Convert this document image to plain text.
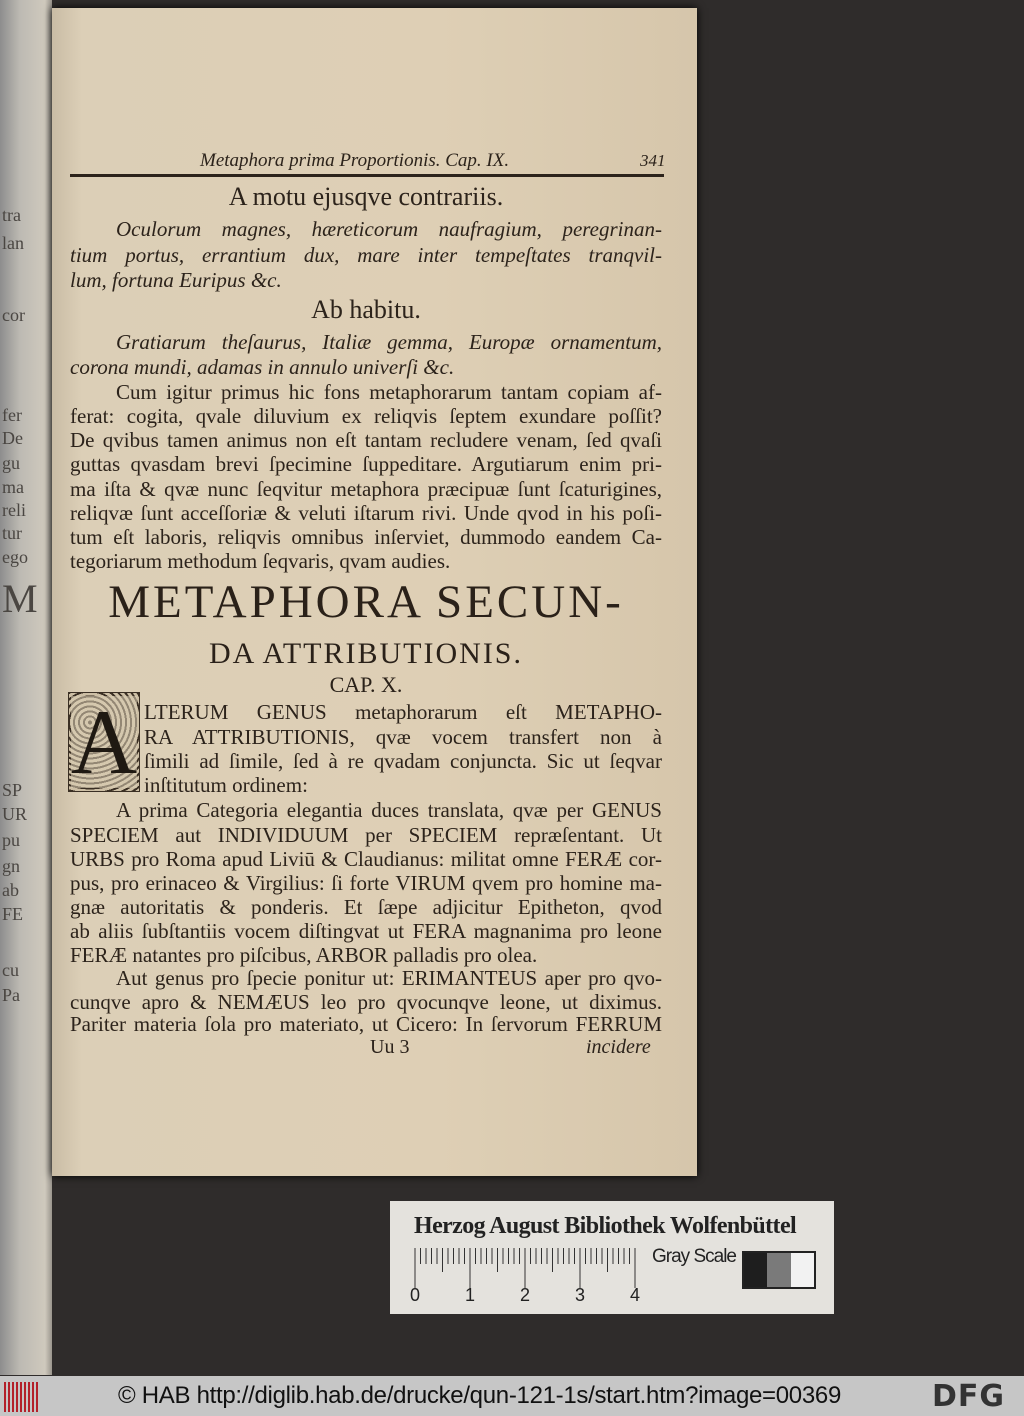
tra
lan
cor
fer
De
gu
ma
reli
tur
ego
M
SP
UR
pu
gn
ab
FE
cu
Pa
Metaphora prima Proportionis. Cap. IX.	341
A motu ejusqve contrariis.
Oculorum magnes, hæreticorum naufragium, peregrinan-
tium portus, errantium dux, mare inter tempeſtates tranqvil-
lum, fortuna Euripus &c.
Ab habitu.
Gratiarum theſaurus, Italiæ gemma, Europæ ornamentum,
corona mundi, adamas in annulo univerſi &c.
Cum igitur primus hic fons metaphorarum tantam copiam af-
ferat: cogita, qvale diluvium ex reliqvis ſeptem exundare poſſit?
De qvibus tamen animus non eſt tantam recludere venam, ſed qvaſi
guttas qvasdam brevi ſpecimine ſuppeditare. Argutiarum enim pri-
ma iſta & qvæ nunc ſeqvitur metaphora præcipuæ ſunt ſcaturigines,
reliqvæ ſunt acceſſoriæ & veluti iſtarum rivi. Unde qvod in his poſi-
tum eſt laboris, reliqvis omnibus inſerviet, dummodo eandem Ca-
tegoriarum methodum ſeqvaris, qvam audies.
METAPHORA SECUN-
DA ATTRIBUTIONIS.
CAP. X.
A LTERUM GENUS metaphorarum eſt METAPHO-
RA ATTRIBUTIONIS, qvæ vocem transfert non à
ſimili ad ſimile, ſed à re qvadam conjuncta. Sic ut ſeqvar
inſtitutum ordinem:
A prima Categoria elegantia duces translata, qvæ per GENUS
SPECIEM aut INDIVIDUUM per SPECIEM repræſentant. Ut
URBS pro Roma apud Liviū & Claudianus: militat omne FERÆ cor-
pus, pro erinaceo & Virgilius: ſi forte VIRUM qvem pro homine ma-
gnæ autoritatis & ponderis. Et ſæpe adjicitur Epitheton, qvod
ab aliis ſubſtantiis vocem diſtingvat ut FERA magnanima pro leone
FERÆ natantes pro piſcibus, ARBOR palladis pro olea.
Aut genus pro ſpecie ponitur ut: ERIMANTEUS aper pro qvo-
cunqve apro & NEMÆUS leo pro qvocunqve leone, ut diximus.
Pariter materia ſola pro materiato, ut Cicero: In ſervorum FERRUM
Uu 3	incidere
Herzog August Bibliothek Wolfenbüttel
0 1 2 3 4
Gray Scale
© HAB http://diglib.hab.de/drucke/qun-121-1s/start.htm?image=00369	DFG
